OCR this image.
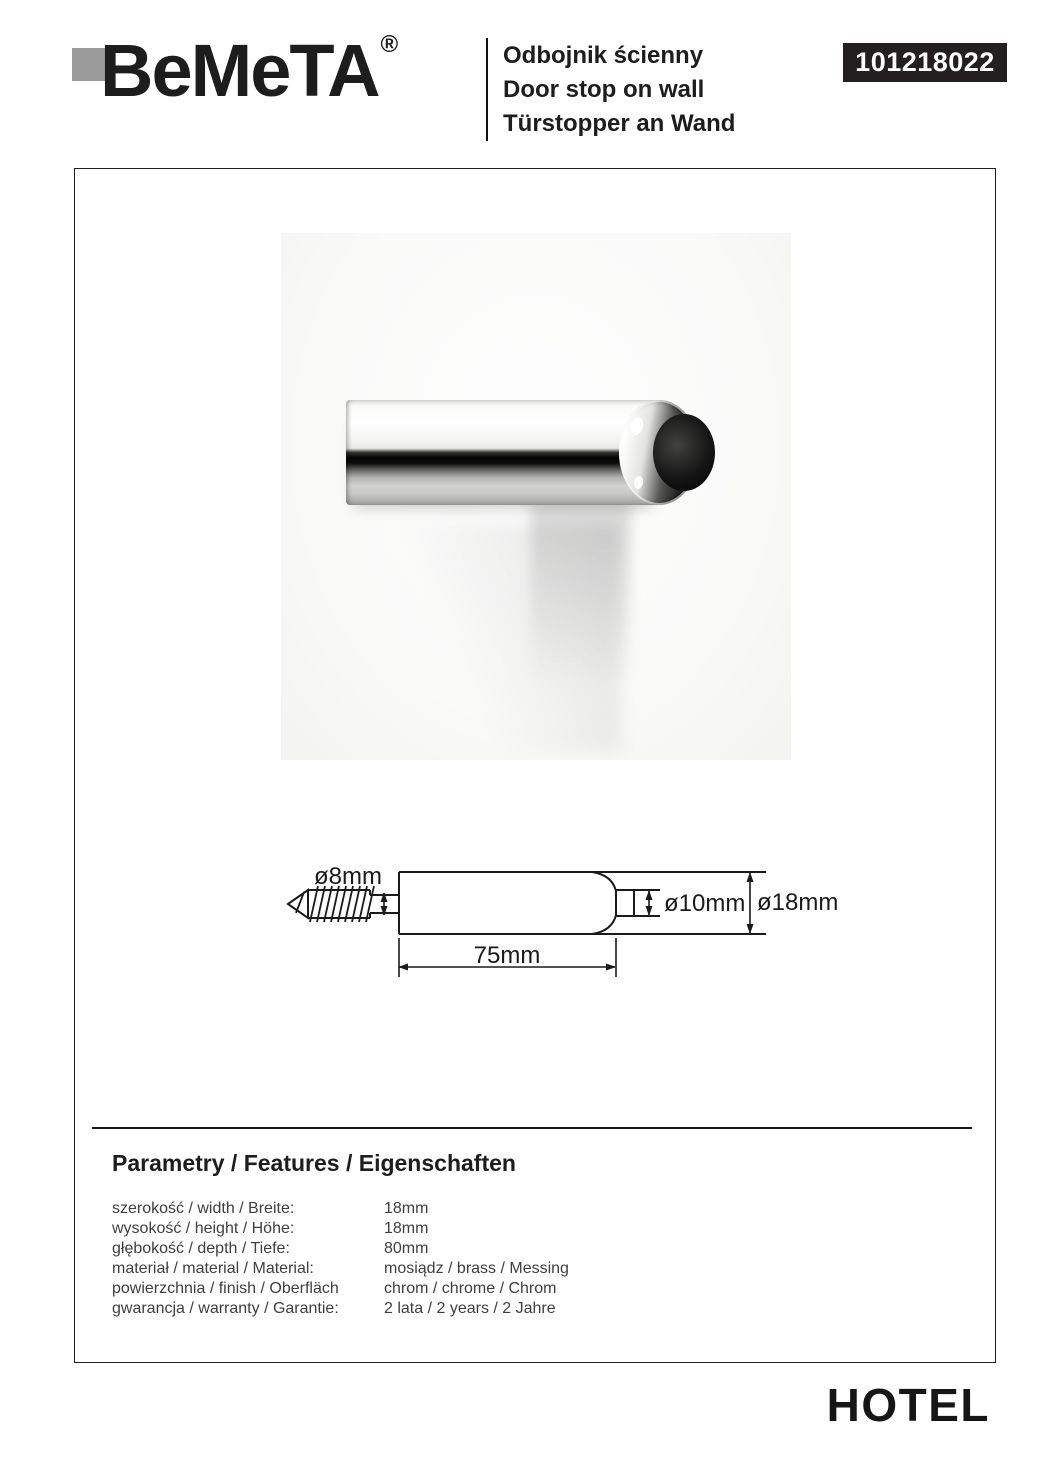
BeMeTA®	Odbojnik ścienny
Door stop on wall
Türstopper an Wand
101218022
ø8mm
ø10mm ø18mm
75mm
Parametry / Features / Eigenschaften
szerokość / width / Breite:	18mm
wysokość / height / Höhe:	18mm
głębokość / depth / Tiefe:	80mm
materiał / material / Material:	mosiądz / brass / Messing
powierzchnia / finish / Oberfläch	chrom / chrome / Chrom
gwarancja / warranty / Garantie:	2 lata / 2 years / 2 Jahre
HOTEL
